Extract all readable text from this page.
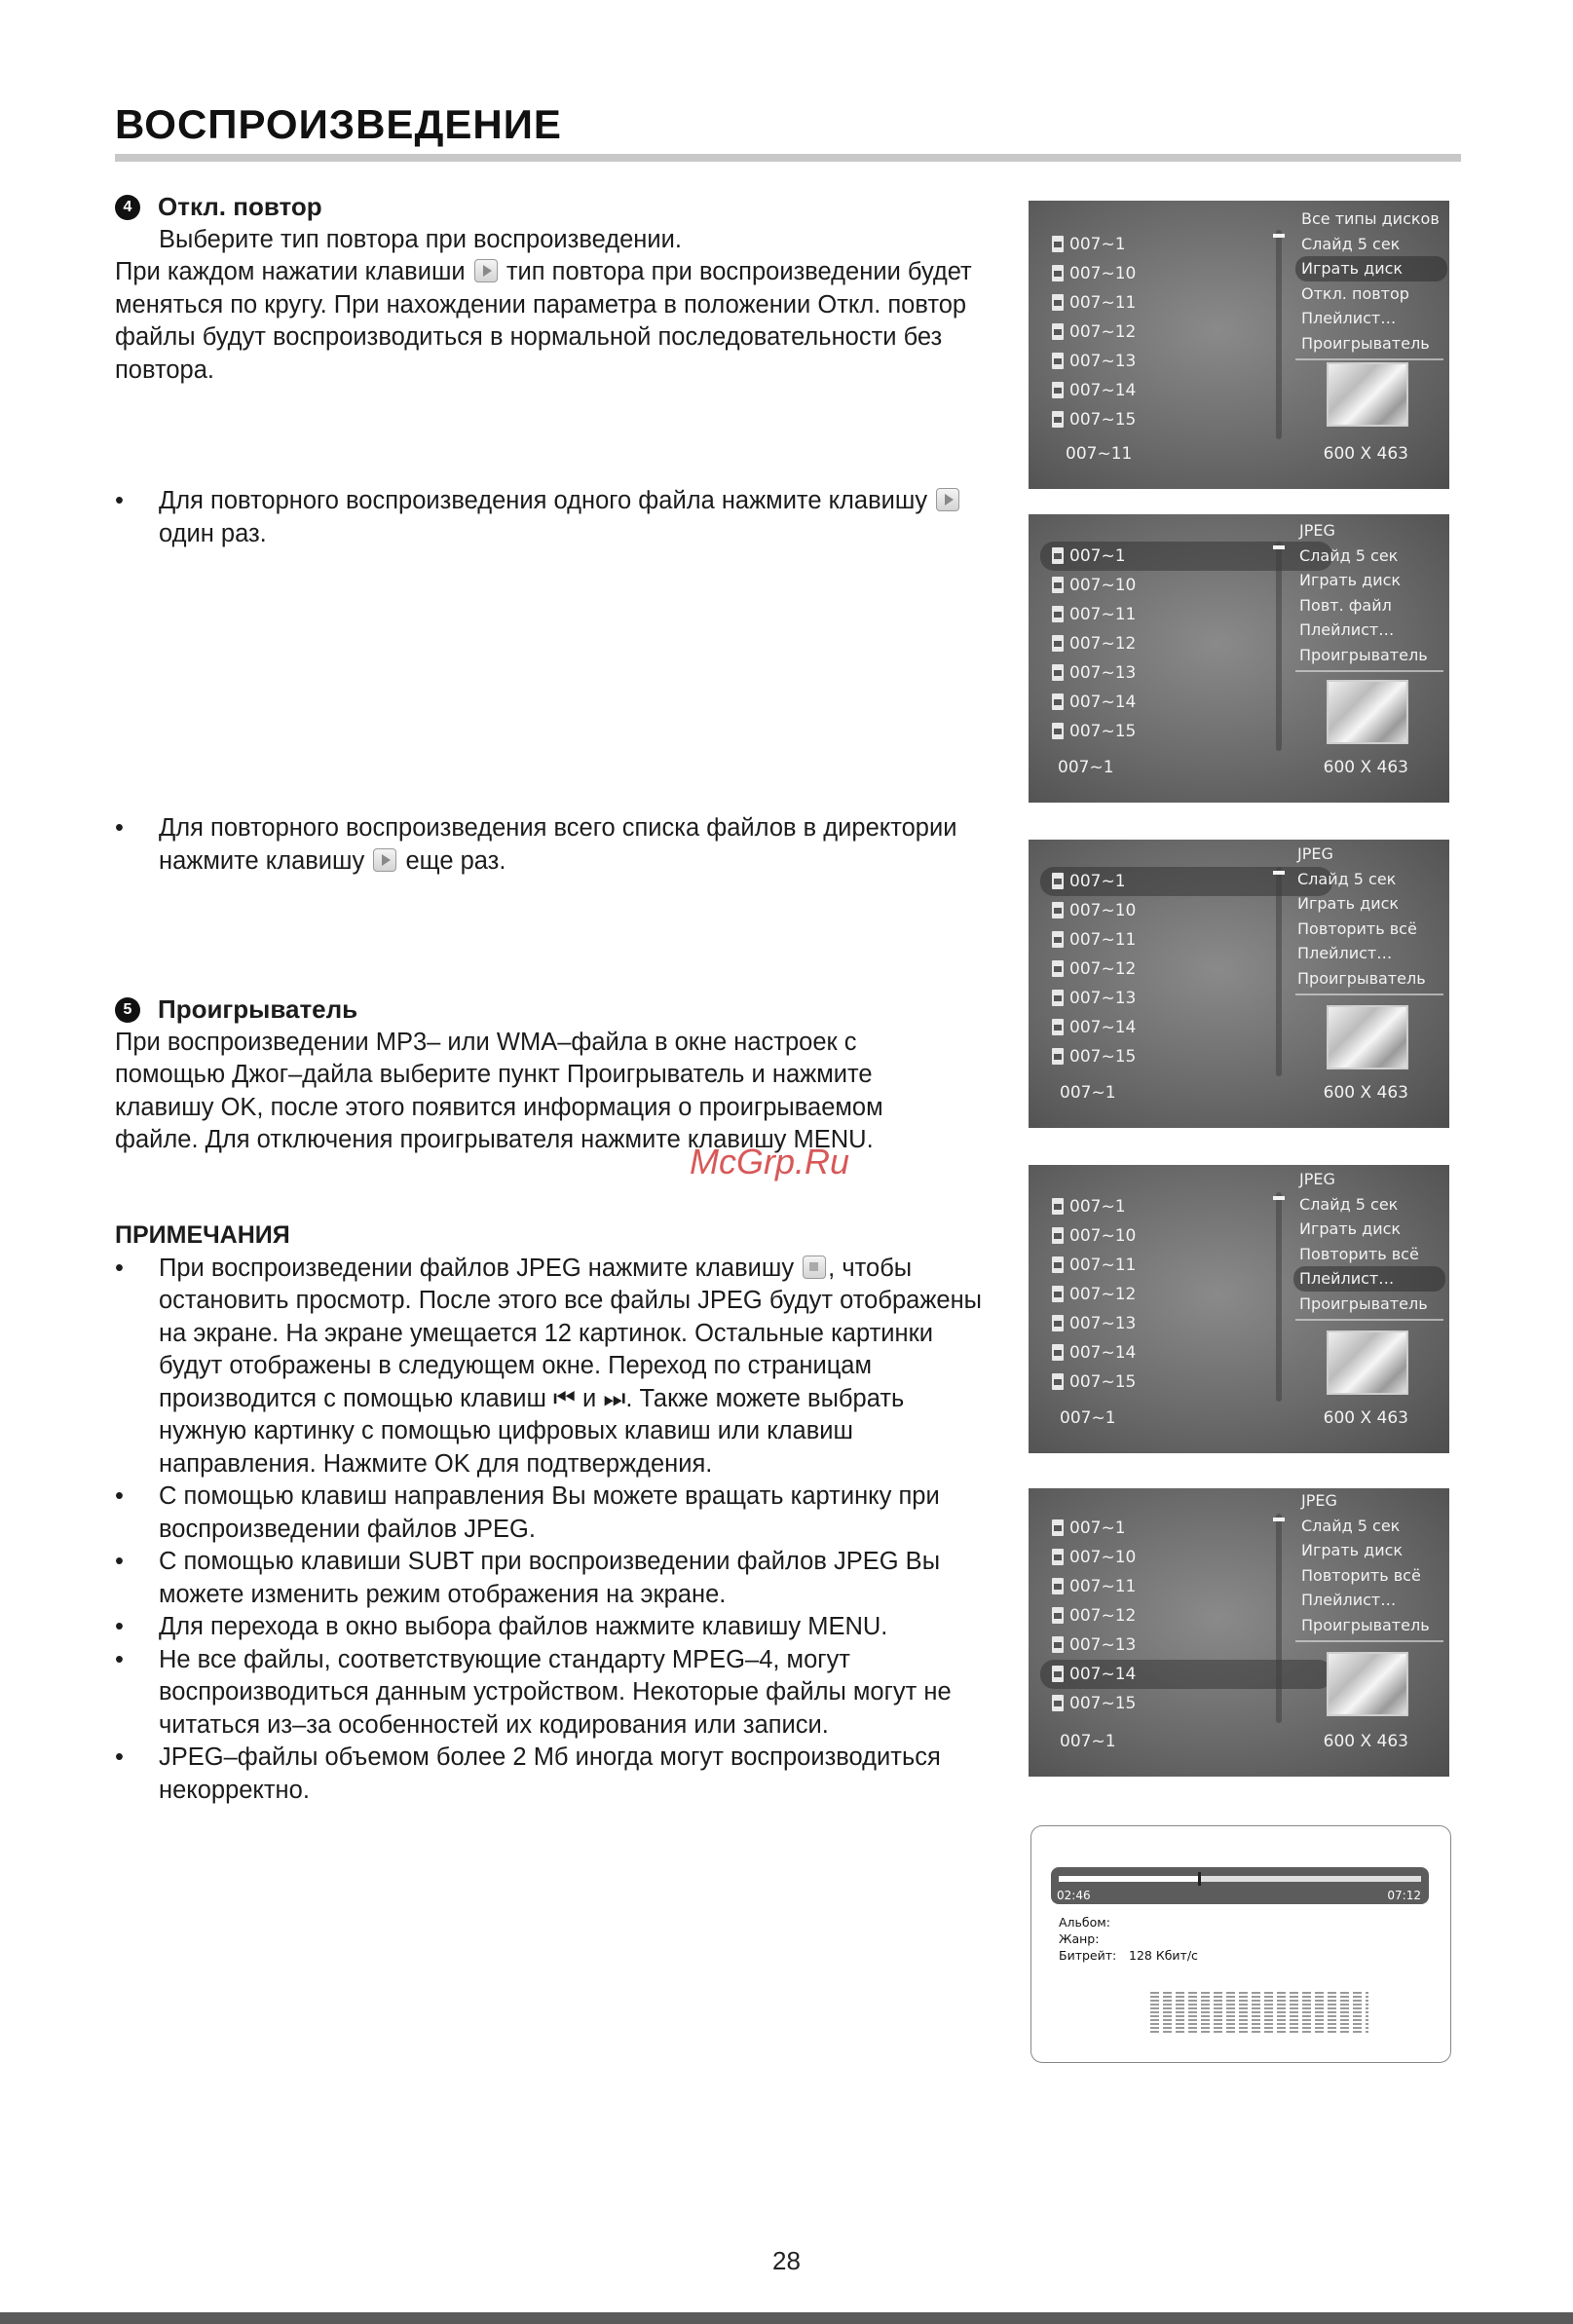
ВОСПРОИЗВЕДЕНИЕ
4	Откл. повтор

Выберите тип повтора при воспроизведении.

При каждом нажатии клавиши тип повтора при воспроизведении будет меняться по кругу. При нахождении параметра в положении Откл. повтор файлы будут воспроизводиться в нормальной последовательности без повтора.

• Для повторного воспроизведения одного файла нажмите клавишу  один раз.

• Для повторного воспроизведения всего списка файлов в директории нажмите клавишу еще раз.

5	Проигрыватель

При воспроизведении MP3– или WMA–файла в окне настроек с помощью Джог–дайла выберите пункт Проигрыватель и нажмите клавишу OK, после этого появится информация о проигрываемом файле. Для отключения проигрывателя нажмите клавишу MENU.

ПРИМЕЧАНИЯ

• При воспроизведении файлов JPEG нажмите клавишу , чтобы остановить просмотр. После этого все файлы JPEG будут отображены на экране. На экране умещается 12 картинок. Остальные картинки будут отображены в следующем окне. Переход по страницам производится с помощью клавиш ⏮ и ⏭. Также можете выбрать нужную картинку с помощью цифровых клавиш или клавиш направления. Нажмите OK для подтверждения.

• С помощью клавиш направления Вы можете вращать картинку при воспроизведении файлов JPEG.

• С помощью клавиши SUBT при воспроизведении файлов JPEG Вы можете изменить режим отображения на экране.

• Для перехода в окно выбора файлов нажмите клавишу MENU.

• Не все файлы, соответствующие стандарту MPEG–4, могут воспроизводиться данным устройством. Некоторые файлы могут не читаться из–за особенностей их кодирования или записи.

• JPEG–файлы объемом более 2 Мб иногда могут воспроизводиться некорректно.

007~1
007~10
007~11
007~12
007~13
007~14
007~15
Все типы дисков
Слайд 5 сек
Играть диск
Откл. повтор
Плейлист…
Проигрыватель
007~11	600 X 463
007~1
007~10
007~11
007~12
007~13
007~14
007~15
JPEG
Слайд 5 сек
Играть диск
Повт. файл
Плейлист…
Проигрыватель
007~1	600 X 463
007~1
007~10
007~11
007~12
007~13
007~14
007~15
JPEG
Слайд 5 сек
Играть диск
Повторить всё
Плейлист…
Проигрыватель
007~1	600 X 463
007~1
007~10
007~11
007~12
007~13
007~14
007~15
JPEG
Слайд 5 сек
Играть диск
Повторить всё
Плейлист…
Проигрыватель
007~1	600 X 463
007~1
007~10
007~11
007~12
007~13
007~14
007~15
JPEG
Слайд 5 сек
Играть диск
Повторить всё
Плейлист…
Проигрыватель
007~1	600 X 463
02:46	07:12
Альбом:
Жанр:
Битрейт:	128 Кбит/с
McGrp.Ru
28
